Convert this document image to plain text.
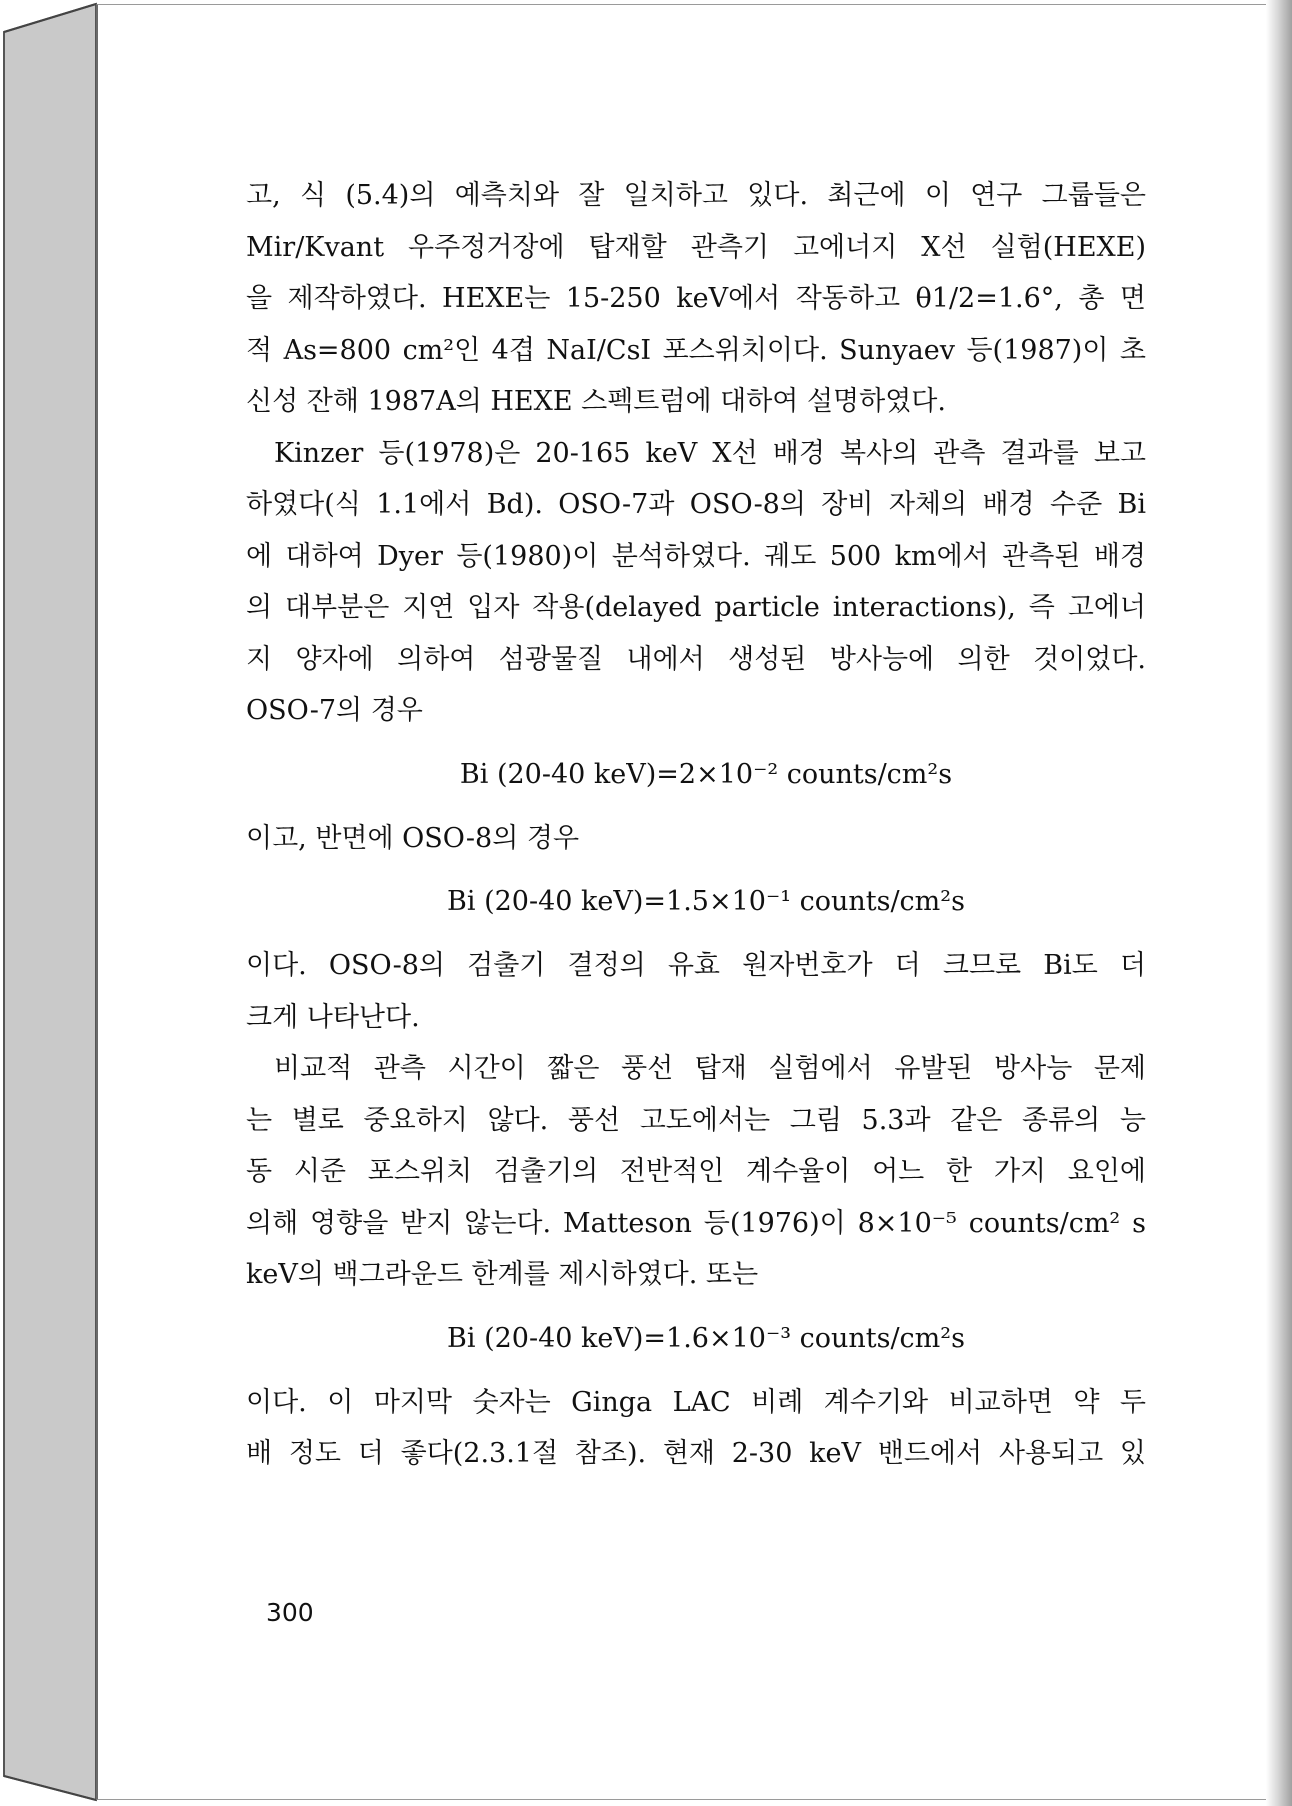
고, 식 (5.4)의 예측치와 잘 일치하고 있다. 최근에 이 연구 그룹들은
Mir/Kvant 우주정거장에 탑재할 관측기 고에너지 X선 실험(HEXE)
을 제작하였다. HEXE는 15-250 keV에서 작동하고 θ1/2=1.6°, 총 면
적 As=800 cm²인 4겹 NaI/CsI 포스위치이다. Sunyaev 등(1987)이 초
신성 잔해 1987A의 HEXE 스펙트럼에 대하여 설명하였다.
Kinzer 등(1978)은 20-165 keV X선 배경 복사의 관측 결과를 보고
하였다(식 1.1에서 Bd). OSO-7과 OSO-8의 장비 자체의 배경 수준 Bi
에 대하여 Dyer 등(1980)이 분석하였다. 궤도 500 km에서 관측된 배경
의 대부분은 지연 입자 작용(delayed particle interactions), 즉 고에너
지 양자에 의하여 섬광물질 내에서 생성된 방사능에 의한 것이었다.
OSO-7의 경우
Bi (20-40 keV)=2×10⁻² counts/cm²s
이고, 반면에 OSO-8의 경우
Bi (20-40 keV)=1.5×10⁻¹ counts/cm²s
이다. OSO-8의 검출기 결정의 유효 원자번호가 더 크므로 Bi도 더
크게 나타난다.
비교적 관측 시간이 짧은 풍선 탑재 실험에서 유발된 방사능 문제
는 별로 중요하지 않다. 풍선 고도에서는 그림 5.3과 같은 종류의 능
동 시준 포스위치 검출기의 전반적인 계수율이 어느 한 가지 요인에
의해 영향을 받지 않는다. Matteson 등(1976)이 8×10⁻⁵ counts/cm² s
keV의 백그라운드 한계를 제시하였다. 또는
Bi (20-40 keV)=1.6×10⁻³ counts/cm²s
이다. 이 마지막 숫자는 Ginga LAC 비례 계수기와 비교하면 약 두
배 정도 더 좋다(2.3.1절 참조). 현재 2-30 keV 밴드에서 사용되고 있
300
